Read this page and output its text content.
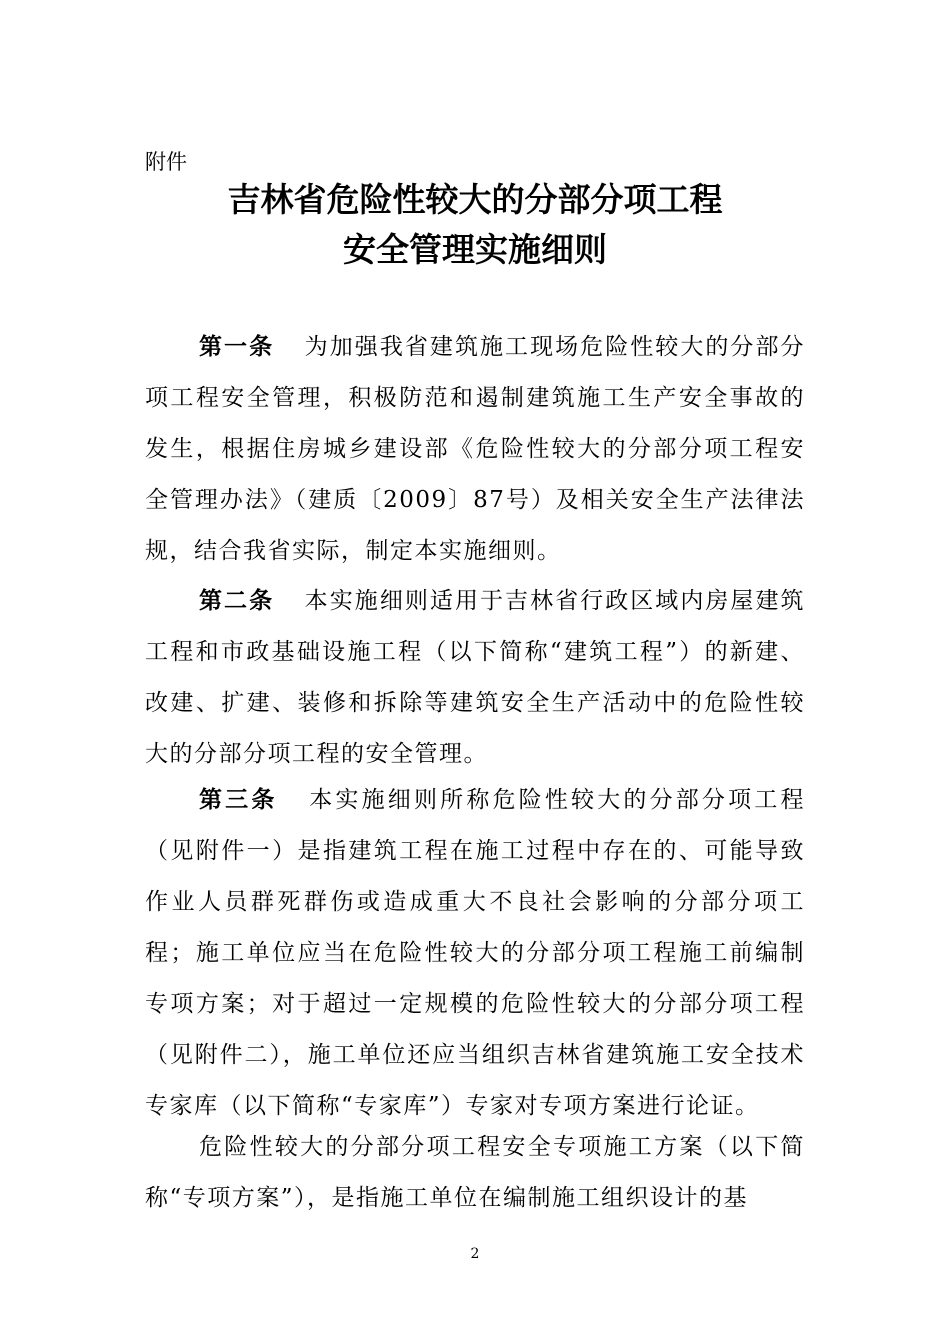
附件
吉林省危险性较大的分部分项工程
安全管理实施细则

第一条 为加强我省建筑施工现场危险性较大的分部分项工程安全管理，积极防范和遏制建筑施工生产安全事故的发生，根据住房城乡建设部《危险性较大的分部分项工程安全管理办法》（建质〔2009〕87号）及相关安全生产法律法规，结合我省实际，制定本实施细则。

第二条 本实施细则适用于吉林省行政区域内房屋建筑工程和市政基础设施工程（以下简称“建筑工程”）的新建、改建、扩建、装修和拆除等建筑安全生产活动中的危险性较大的分部分项工程的安全管理。

第三条 本实施细则所称危险性较大的分部分项工程（见附件一）是指建筑工程在施工过程中存在的、可能导致作业人员群死群伤或造成重大不良社会影响的分部分项工程；施工单位应当在危险性较大的分部分项工程施工前编制专项方案；对于超过一定规模的危险性较大的分部分项工程（见附件二），施工单位还应当组织吉林省建筑施工安全技术专家库（以下简称“专家库”）专家对专项方案进行论证。

危险性较大的分部分项工程安全专项施工方案（以下简称“专项方案”），是指施工单位在编制施工组织设计的基

2
